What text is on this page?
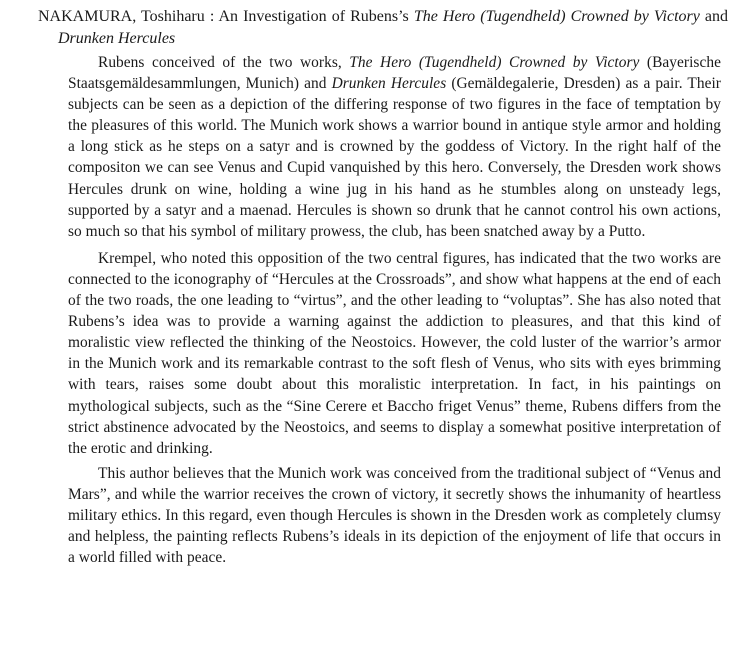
NAKAMURA, Toshiharu : An Investigation of Rubens’s The Hero (Tugendheld) Crowned by Victory and Drunken Hercules

Rubens conceived of the two works, The Hero (Tugendheld) Crowned by Victory (Bayerische Staatsgemäldesammlungen, Munich) and Drunken Hercules (Gemäldegalerie, Dresden) as a pair. Their subjects can be seen as a depiction of the differing response of two figures in the face of temptation by the pleasures of this world. The Munich work shows a warrior bound in antique style armor and holding a long stick as he steps on a satyr and is crowned by the goddess of Victory. In the right half of the compositon we can see Venus and Cupid vanquished by this hero. Conversely, the Dresden work shows Hercules drunk on wine, holding a wine jug in his hand as he stumbles along on unsteady legs, supported by a satyr and a maenad. Hercules is shown so drunk that he cannot control his own actions, so much so that his symbol of military prowess, the club, has been snatched away by a Putto.

Krempel, who noted this opposition of the two central figures, has indicated that the two works are connected to the iconography of “Hercules at the Crossroads”, and show what happens at the end of each of the two roads, the one leading to “virtus”, and the other leading to “voluptas”. She has also noted that Rubens’s idea was to provide a warning against the addiction to pleasures, and that this kind of moralistic view reflected the thinking of the Neostoics. However, the cold luster of the warrior’s armor in the Munich work and its remarkable contrast to the soft flesh of Venus, who sits with eyes brimming with tears, raises some doubt about this moralistic interpretation. In fact, in his paintings on mythological subjects, such as the “Sine Cerere et Baccho friget Venus” theme, Rubens differs from the strict abstinence advocated by the Neostoics, and seems to display a somewhat positive interpretation of the erotic and drinking.

This author believes that the Munich work was conceived from the traditional subject of “Venus and Mars”, and while the warrior receives the crown of victory, it secretly shows the inhumanity of heartless military ethics. In this regard, even though Hercules is shown in the Dresden work as completely clumsy and helpless, the painting reflects Rubens’s ideals in its depiction of the enjoyment of life that occurs in a world filled with peace.
